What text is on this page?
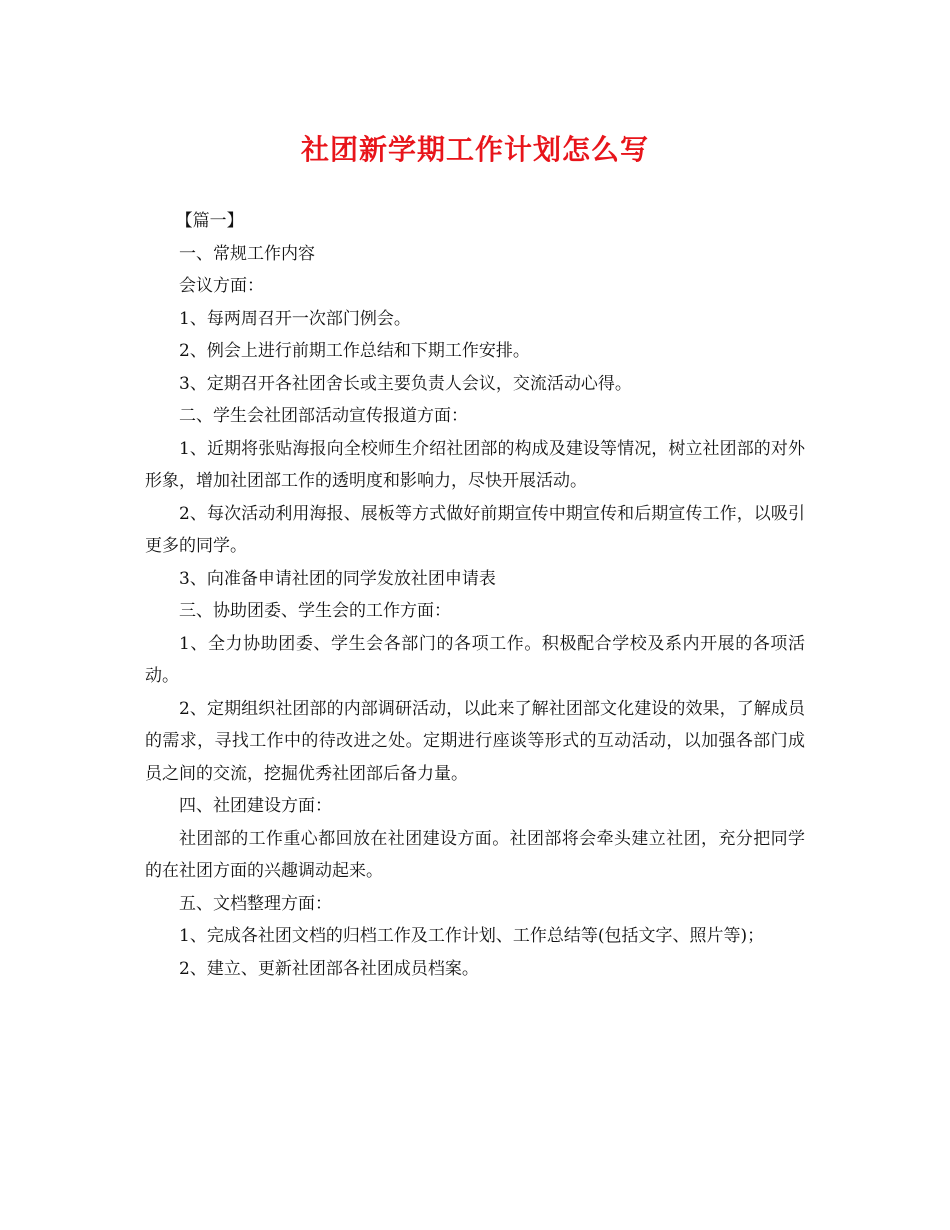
社团新学期工作计划怎么写

【篇一】

一、常规工作内容

会议方面：

1、每两周召开一次部门例会。

2、例会上进行前期工作总结和下期工作安排。

3、定期召开各社团舍长或主要负责人会议，交流活动心得。

二、学生会社团部活动宣传报道方面：

1、近期将张贴海报向全校师生介绍社团部的构成及建设等情况，树立社团部的对外形象，增加社团部工作的透明度和影响力，尽快开展活动。

2、每次活动利用海报、展板等方式做好前期宣传中期宣传和后期宣传工作，以吸引更多的同学。

3、向准备申请社团的同学发放社团申请表

三、协助团委、学生会的工作方面：

1、全力协助团委、学生会各部门的各项工作。积极配合学校及系内开展的各项活动。

2、定期组织社团部的内部调研活动，以此来了解社团部文化建设的效果，了解成员的需求，寻找工作中的待改进之处。定期进行座谈等形式的互动活动，以加强各部门成员之间的交流，挖掘优秀社团部后备力量。

四、社团建设方面：

社团部的工作重心都回放在社团建设方面。社团部将会牵头建立社团，充分把同学的在社团方面的兴趣调动起来。

五、文档整理方面：

1、完成各社团文档的归档工作及工作计划、工作总结等(包括文字、照片等)；

2、建立、更新社团部各社团成员档案。
